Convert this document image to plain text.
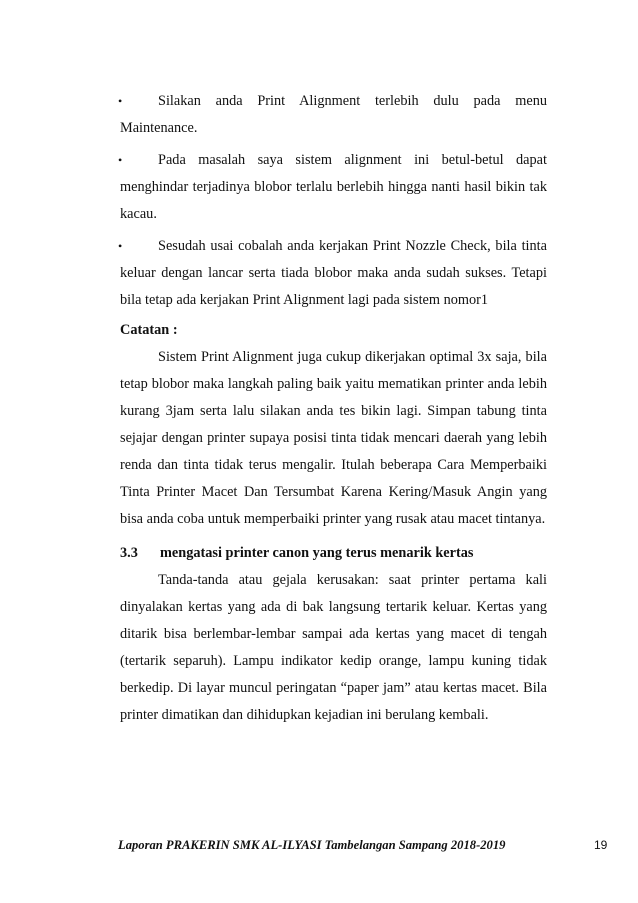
•	Silakan anda Print Alignment terlebih dulu pada menu Maintenance.
•	Pada masalah saya sistem alignment ini betul-betul dapat menghindar terjadinya blobor terlalu berlebih hingga nanti hasil bikin tak kacau.
•	Sesudah usai cobalah anda kerjakan Print Nozzle Check, bila tinta keluar dengan lancar serta tiada blobor maka anda sudah sukses. Tetapi bila tetap ada kerjakan Print Alignment lagi pada sistem nomor1
Catatan :
Sistem Print Alignment juga cukup dikerjakan optimal 3x saja, bila tetap blobor maka langkah paling baik yaitu mematikan printer anda lebih kurang 3jam serta lalu silakan anda tes bikin lagi. Simpan tabung tinta sejajar dengan printer supaya posisi tinta tidak mencari daerah yang lebih renda dan tinta tidak terus mengalir. Itulah beberapa Cara Memperbaiki Tinta Printer Macet Dan Tersumbat Karena Kering/Masuk Angin yang bisa anda coba untuk memperbaiki printer yang rusak atau macet tintanya.
3.3	mengatasi printer canon yang terus menarik kertas
Tanda-tanda atau gejala kerusakan: saat printer pertama kali dinyalakan kertas yang ada di bak langsung tertarik keluar. Kertas yang ditarik bisa berlembar-lembar sampai ada kertas yang macet di tengah (tertarik separuh). Lampu indikator kedip orange, lampu kuning tidak berkedip. Di layar muncul peringatan “paper jam” atau kertas macet. Bila printer dimatikan dan dihidupkan kejadian ini berulang kembali.
Laporan PRAKERIN SMK AL-ILYASI Tambelangan Sampang 2018-2019	19
